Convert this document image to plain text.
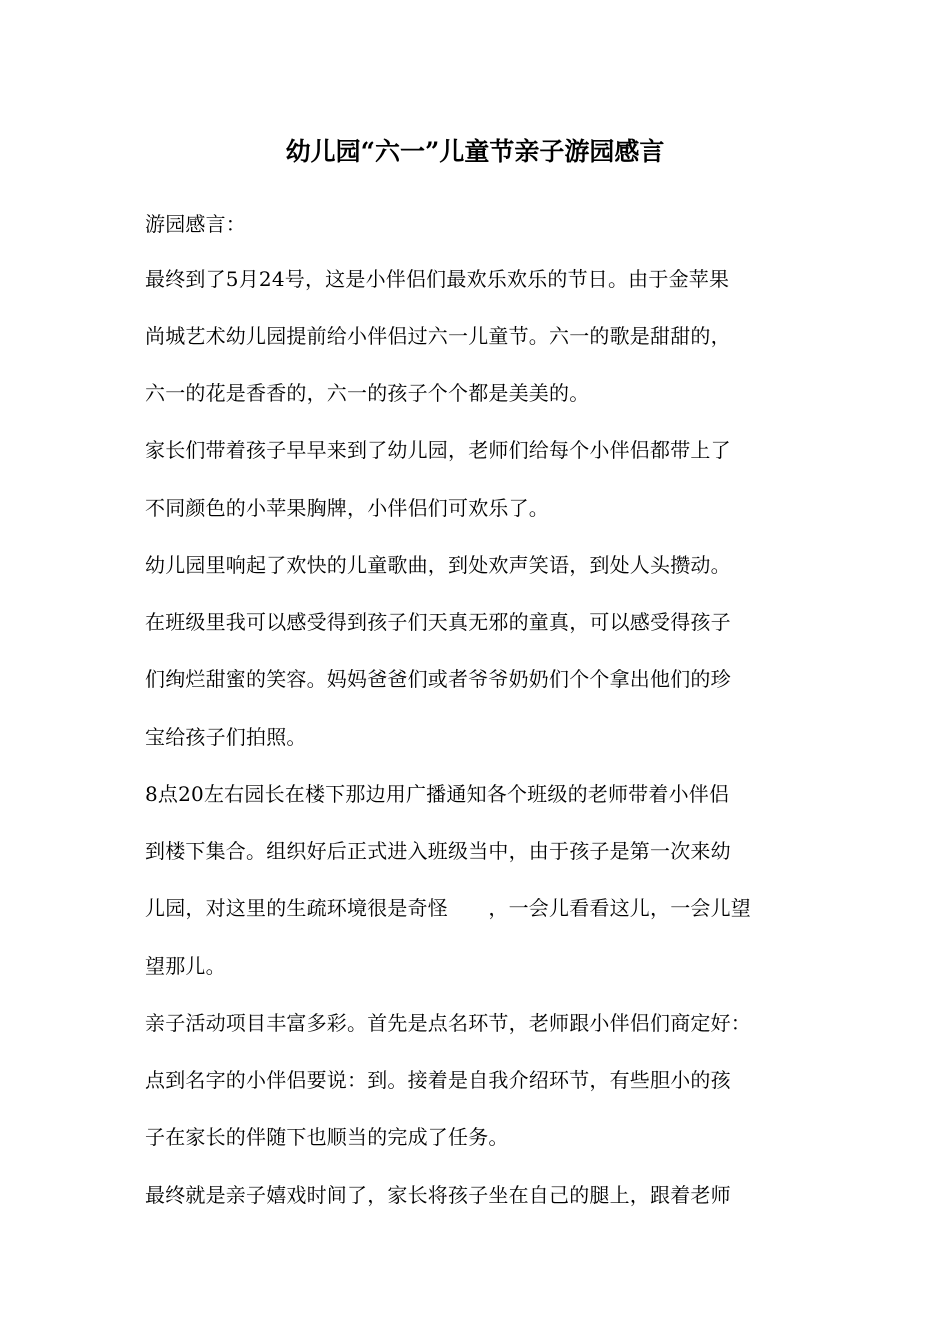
幼儿园“六一”儿童节亲子游园感言
游园感言：
最终到了5月24号，这是小伴侣们最欢乐欢乐的节日。由于金苹果
尚城艺术幼儿园提前给小伴侣过六一儿童节。六一的歌是甜甜的，
六一的花是香香的，六一的孩子个个都是美美的。
家长们带着孩子早早来到了幼儿园，老师们给每个小伴侣都带上了
不同颜色的小苹果胸牌，小伴侣们可欢乐了。
幼儿园里响起了欢快的儿童歌曲，到处欢声笑语，到处人头攒动。
在班级里我可以感受得到孩子们天真无邪的童真，可以感受得孩子
们绚烂甜蜜的笑容。妈妈爸爸们或者爷爷奶奶们个个拿出他们的珍
宝给孩子们拍照。
8点20左右园长在楼下那边用广播通知各个班级的老师带着小伴侣
到楼下集合。组织好后正式进入班级当中，由于孩子是第一次来幼
儿园，对这里的生疏环境很是奇怪　　，一会儿看看这儿，一会儿望
望那儿。
亲子活动项目丰富多彩。首先是点名环节，老师跟小伴侣们商定好：
点到名字的小伴侣要说：到。接着是自我介绍环节，有些胆小的孩
子在家长的伴随下也顺当的完成了任务。
最终就是亲子嬉戏时间了，家长将孩子坐在自己的腿上，跟着老师
